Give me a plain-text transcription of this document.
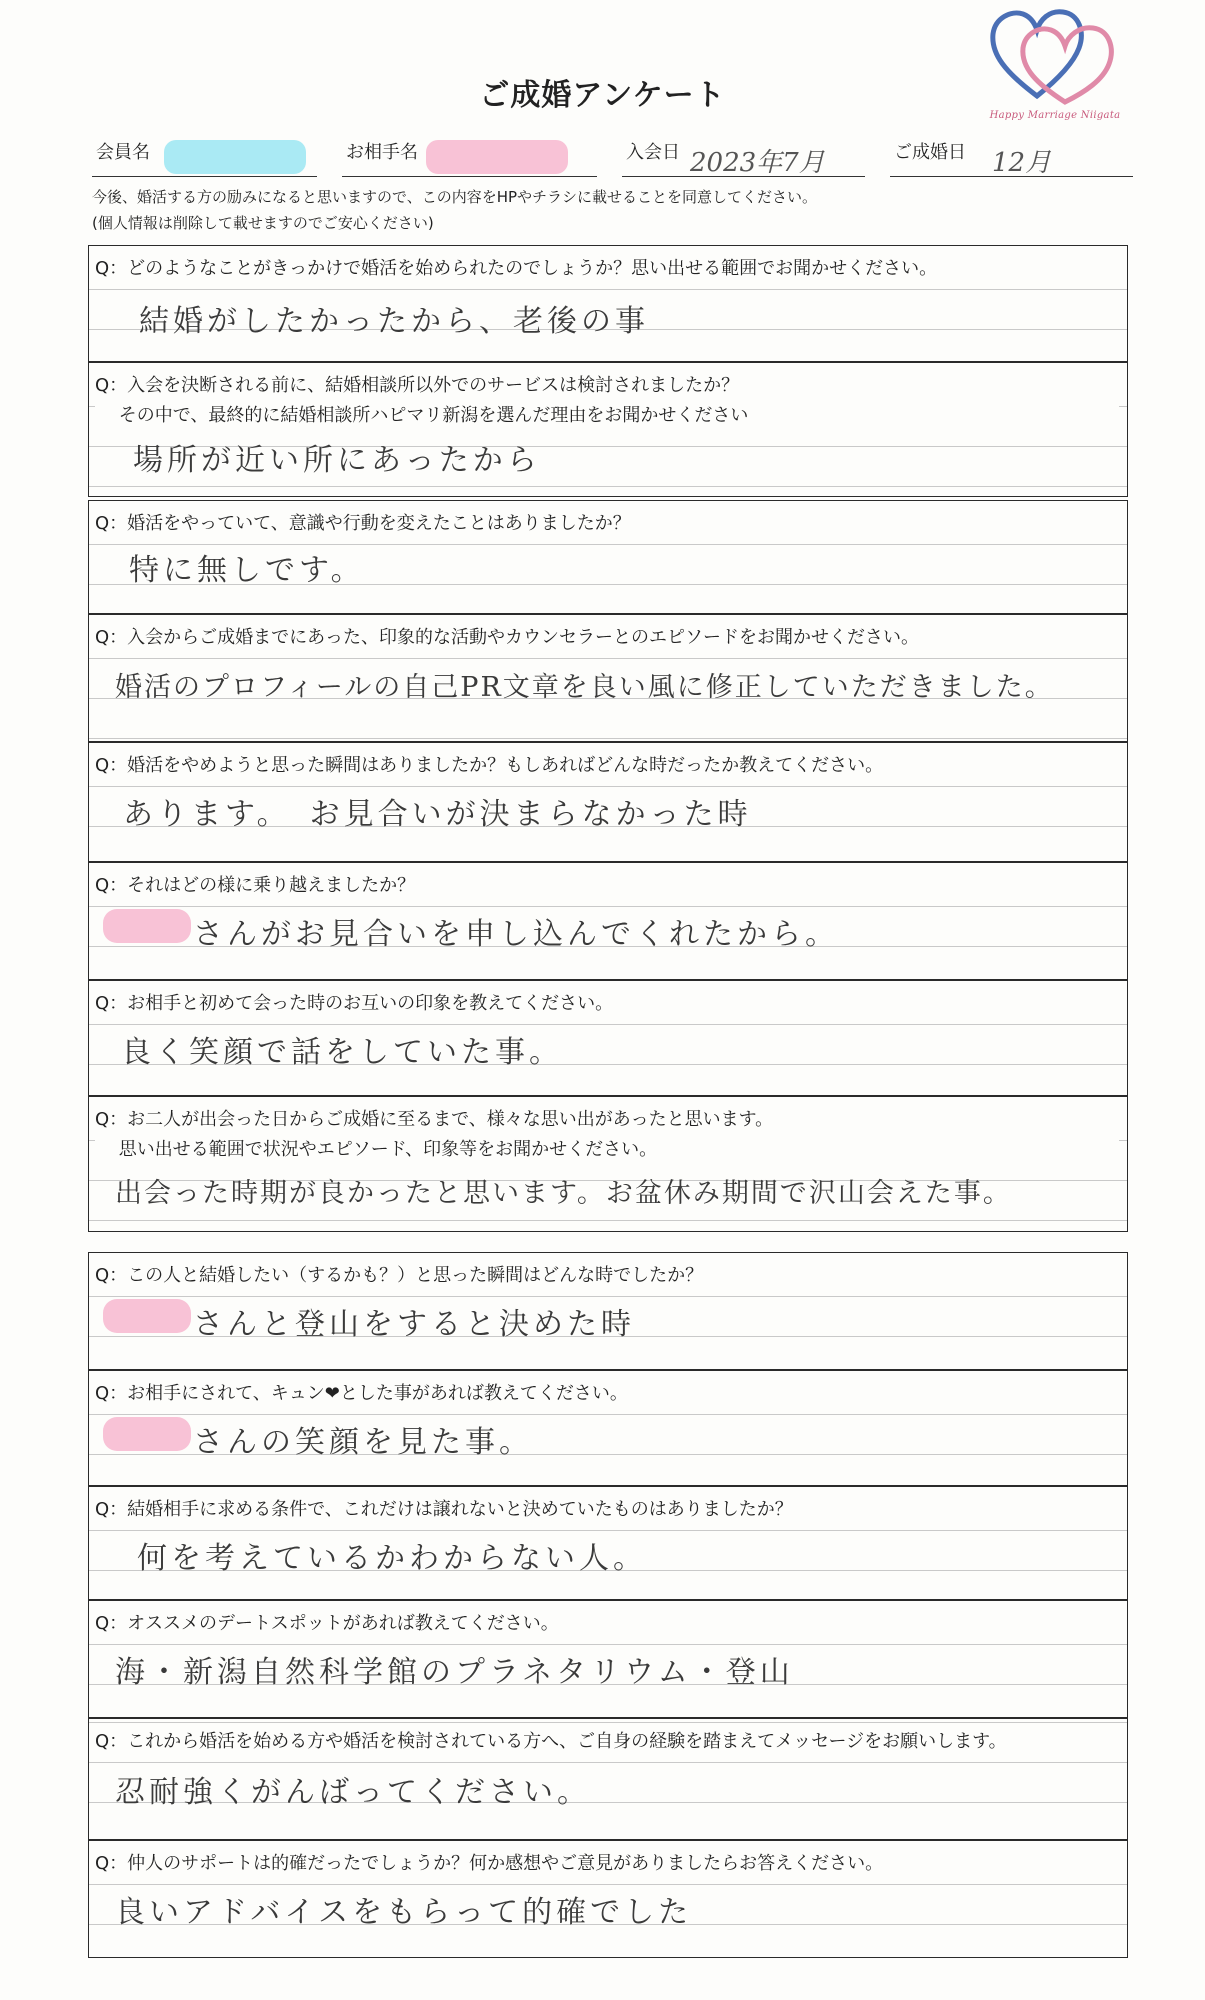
Happy Marriage Niigata
ご成婚アンケート
会員名	お相手名	入会日 2023年7月	ご成婚日 12月
今後、婚活する方の励みになると思いますので、この内容をHPやチラシに載せることを同意してください。
(個人情報は削除して載せますのでご安心ください)
Q：どのようなことがきっかけで婚活を始められたのでしょうか？思い出せる範囲でお聞かせください。
結婚がしたかったから、老後の事
Q：入会を決断される前に、結婚相談所以外でのサービスは検討されましたか？
　 その中で、最終的に結婚相談所ハピマリ新潟を選んだ理由をお聞かせください
場所が近い所にあったから
Q：婚活をやっていて、意識や行動を変えたことはありましたか？
特に無しです。
Q：入会からご成婚までにあった、印象的な活動やカウンセラーとのエピソードをお聞かせください。
婚活のプロフィールの自己PR文章を良い風に修正していただきました。
Q：婚活をやめようと思った瞬間はありましたか？もしあればどんな時だったか教えてください。
あります。　お見合いが決まらなかった時
Q：それはどの様に乗り越えましたか？
さんがお見合いを申し込んでくれたから。
Q：お相手と初めて会った時のお互いの印象を教えてください。
良く笑顔で話をしていた事。
Q：お二人が出会った日からご成婚に至るまで、様々な思い出があったと思います。
　 思い出せる範囲で状況やエピソード、印象等をお聞かせください。
出会った時期が良かったと思います。お盆休み期間で沢山会えた事。
Q：この人と結婚したい（するかも？）と思った瞬間はどんな時でしたか？
さんと登山をすると決めた時
Q：お相手にされて、キュン❤とした事があれば教えてください。
さんの笑顔を見た事。
Q：結婚相手に求める条件で、これだけは譲れないと決めていたものはありましたか？
何を考えているかわからない人。
Q：オススメのデートスポットがあれば教えてください。
海・新潟自然科学館のプラネタリウム・登山
Q：これから婚活を始める方や婚活を検討されている方へ、ご自身の経験を踏まえてメッセージをお願いします。
忍耐強くがんばってください。
Q：仲人のサポートは的確だったでしょうか？何か感想やご意見がありましたらお答えください。
良いアドバイスをもらって的確でした
